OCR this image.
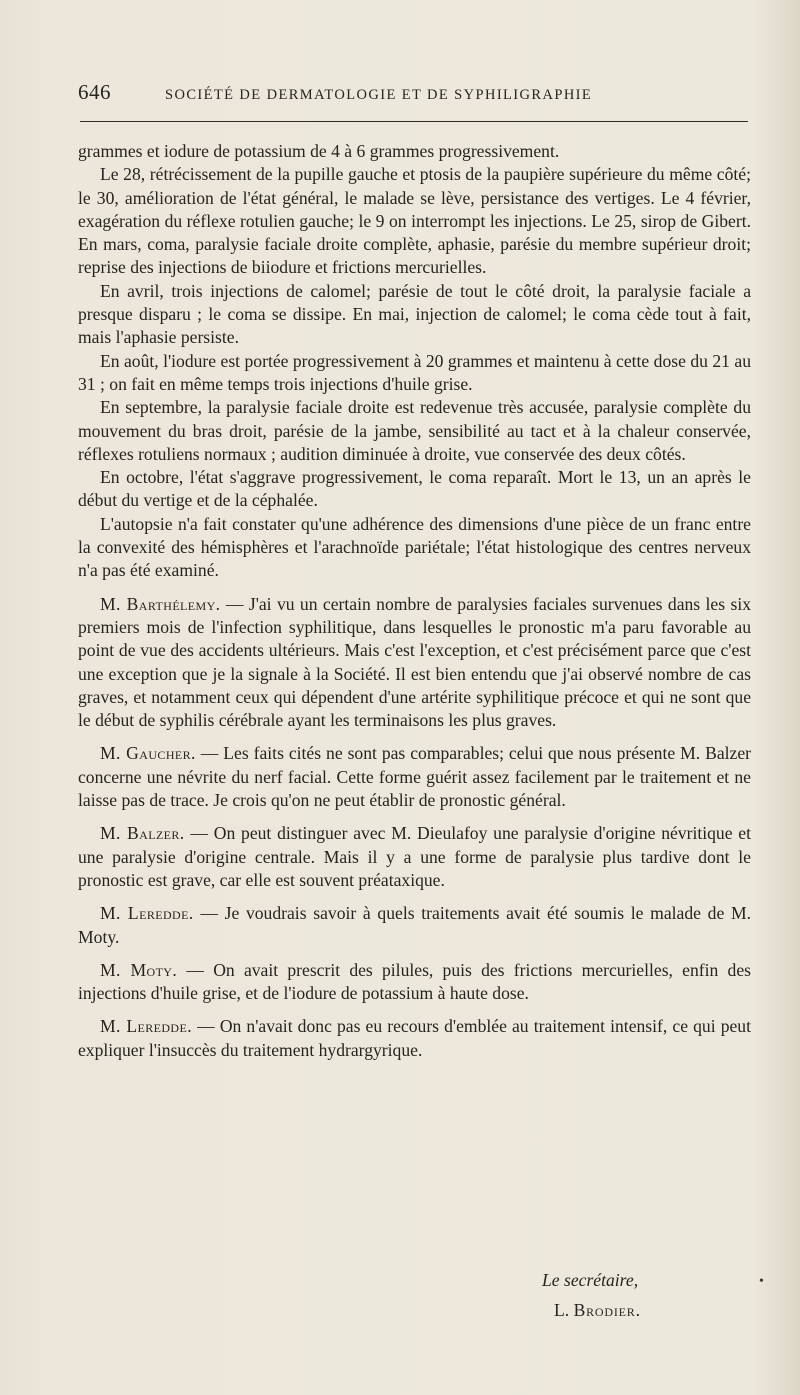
646	SOCIÉTÉ DE DERMATOLOGIE ET DE SYPHILIGRAPHIE

grammes et iodure de potassium de 4 à 6 grammes progressivement.

Le 28, rétrécissement de la pupille gauche et ptosis de la paupière supérieure du même côté; le 30, amélioration de l'état général, le malade se lève, persistance des vertiges. Le 4 février, exagération du réflexe rotulien gauche; le 9 on interrompt les injections. Le 25, sirop de Gibert. En mars, coma, paralysie faciale droite complète, aphasie, parésie du membre supérieur droit; reprise des injections de biiodure et frictions mercurielles.

En avril, trois injections de calomel; parésie de tout le côté droit, la paralysie faciale a presque disparu ; le coma se dissipe. En mai, injection de calomel; le coma cède tout à fait, mais l'aphasie persiste.

En août, l'iodure est portée progressivement à 20 grammes et maintenu à cette dose du 21 au 31 ; on fait en même temps trois injections d'huile grise.

En septembre, la paralysie faciale droite est redevenue très accusée, paralysie complète du mouvement du bras droit, parésie de la jambe, sensibilité au tact et à la chaleur conservée, réflexes rotuliens normaux ; audition diminuée à droite, vue conservée des deux côtés.

En octobre, l'état s'aggrave progressivement, le coma reparaît. Mort le 13, un an après le début du vertige et de la céphalée.

L'autopsie n'a fait constater qu'une adhérence des dimensions d'une pièce de un franc entre la convexité des hémisphères et l'arachnoïde pariétale; l'état histologique des centres nerveux n'a pas été examiné.

M. Barthélemy. — J'ai vu un certain nombre de paralysies faciales survenues dans les six premiers mois de l'infection syphilitique, dans lesquelles le pronostic m'a paru favorable au point de vue des accidents ultérieurs. Mais c'est l'exception, et c'est précisément parce que c'est une exception que je la signale à la Société. Il est bien entendu que j'ai observé nombre de cas graves, et notamment ceux qui dépendent d'une artérite syphilitique précoce et qui ne sont que le début de syphilis cérébrale ayant les terminaisons les plus graves.

M. Gaucher. — Les faits cités ne sont pas comparables; celui que nous présente M. Balzer concerne une névrite du nerf facial. Cette forme guérit assez facilement par le traitement et ne laisse pas de trace. Je crois qu'on ne peut établir de pronostic général.

M. Balzer. — On peut distinguer avec M. Dieulafoy une paralysie d'origine névritique et une paralysie d'origine centrale. Mais il y a une forme de paralysie plus tardive dont le pronostic est grave, car elle est souvent préataxique.

M. Leredde. — Je voudrais savoir à quels traitements avait été soumis le malade de M. Moty.

M. Moty. — On avait prescrit des pilules, puis des frictions mercurielles, enfin des injections d'huile grise, et de l'iodure de potassium à haute dose.

M. Leredde. — On n'avait donc pas eu recours d'emblée au traitement intensif, ce qui peut expliquer l'insuccès du traitement hydrargyrique.

Le secrétaire,
L. Brodier.
•
